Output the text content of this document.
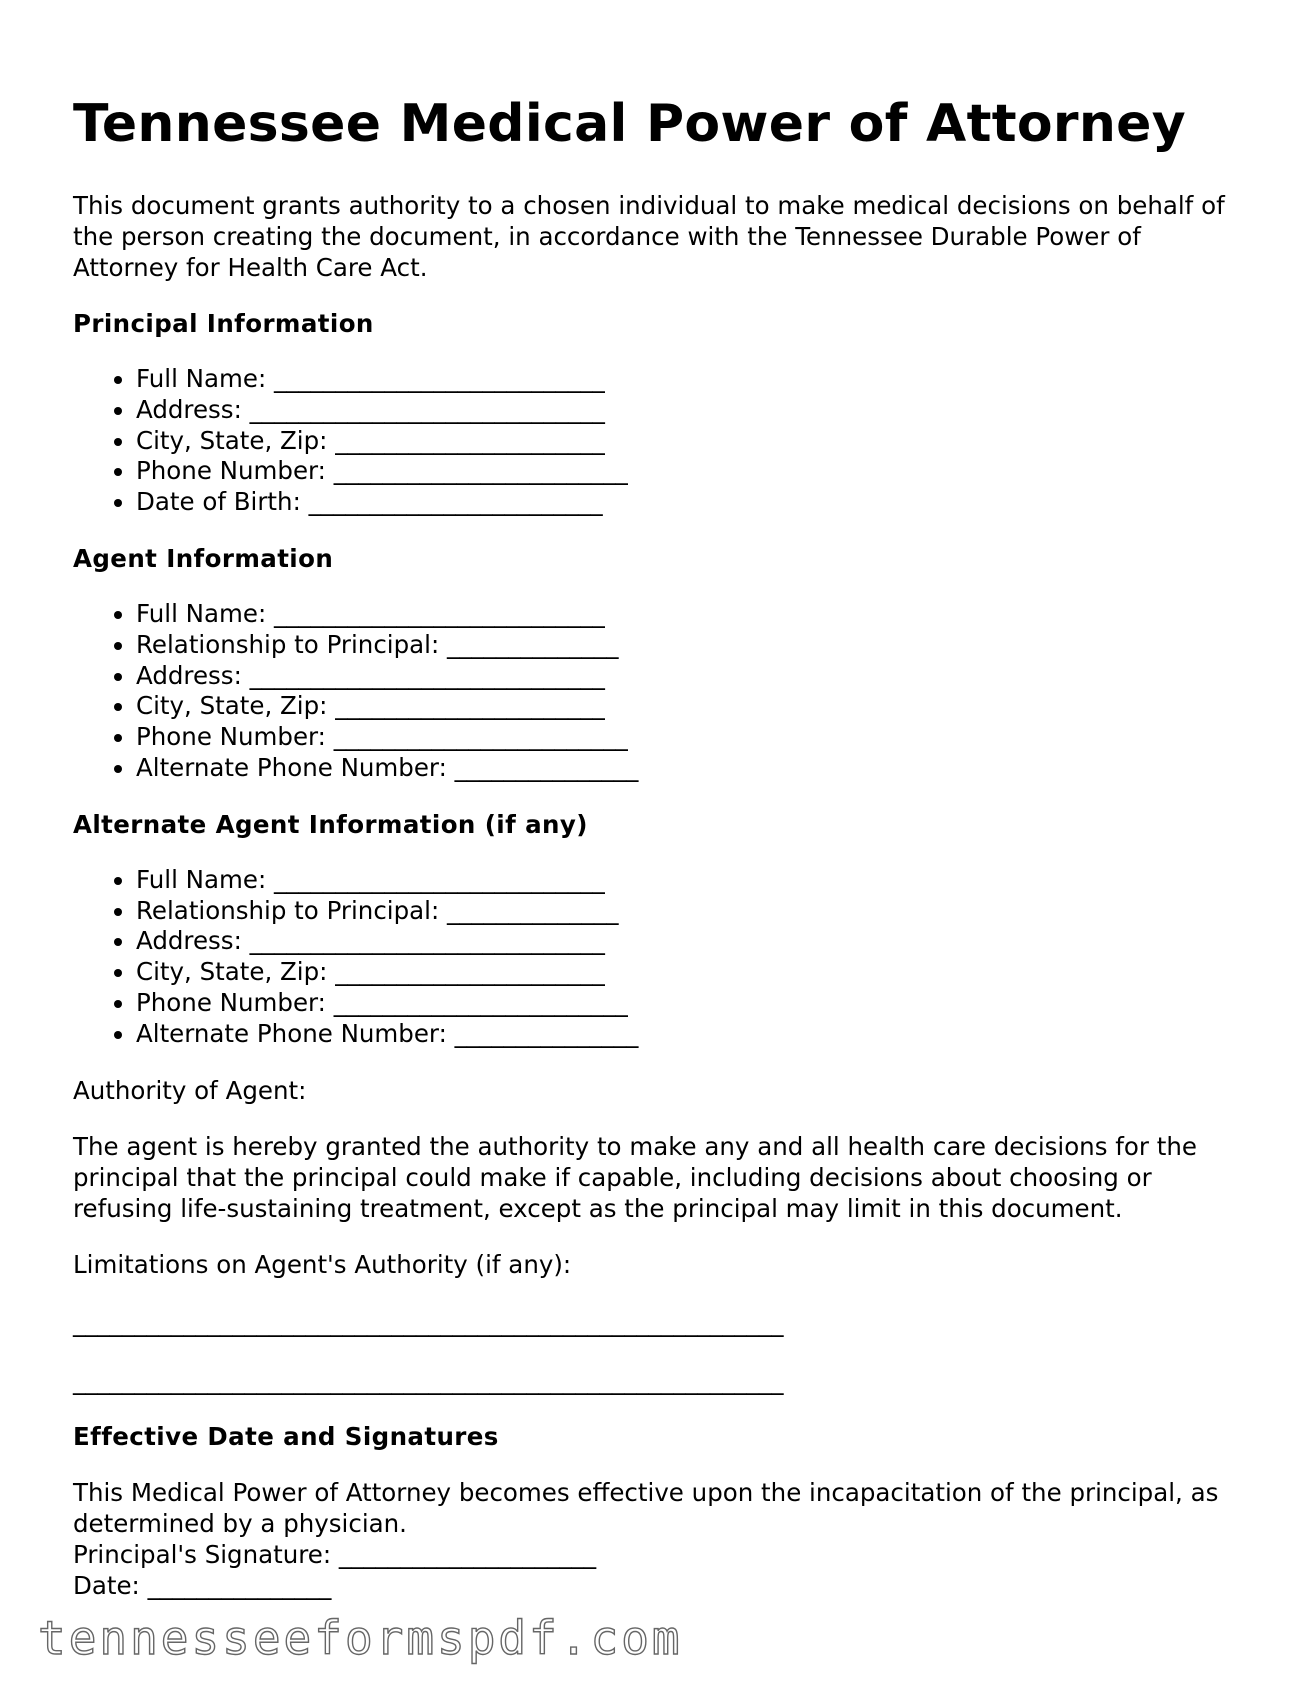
Tennessee Medical Power of Attorney

This document grants authority to a chosen individual to make medical decisions on behalf of the person creating the document, in accordance with the Tennessee Durable Power of Attorney for Health Care Act.

Principal Information
• Full Name: ___________________________
• Address: _____________________________
• City, State, Zip: ______________________
• Phone Number: ________________________
• Date of Birth: ________________________
Agent Information
• Full Name: ___________________________
• Relationship to Principal: ______________
• Address: _____________________________
• City, State, Zip: ______________________
• Phone Number: ________________________
• Alternate Phone Number: _______________
Alternate Agent Information (if any)
• Full Name: ___________________________
• Relationship to Principal: ______________
• Address: _____________________________
• City, State, Zip: ______________________
• Phone Number: ________________________
• Alternate Phone Number: _______________

Authority of Agent:

The agent is hereby granted the authority to make any and all health care decisions for the principal that the principal could make if capable, including decisions about choosing or refusing life-sustaining treatment, except as the principal may limit in this document.

Limitations on Agent's Authority (if any):

__________________________________________________________

__________________________________________________________

Effective Date and Signatures

This Medical Power of Attorney becomes effective upon the incapacitation of the principal, as determined by a physician.

Principal's Signature: _____________________

Date: _______________

tennesseeformspdf.com
